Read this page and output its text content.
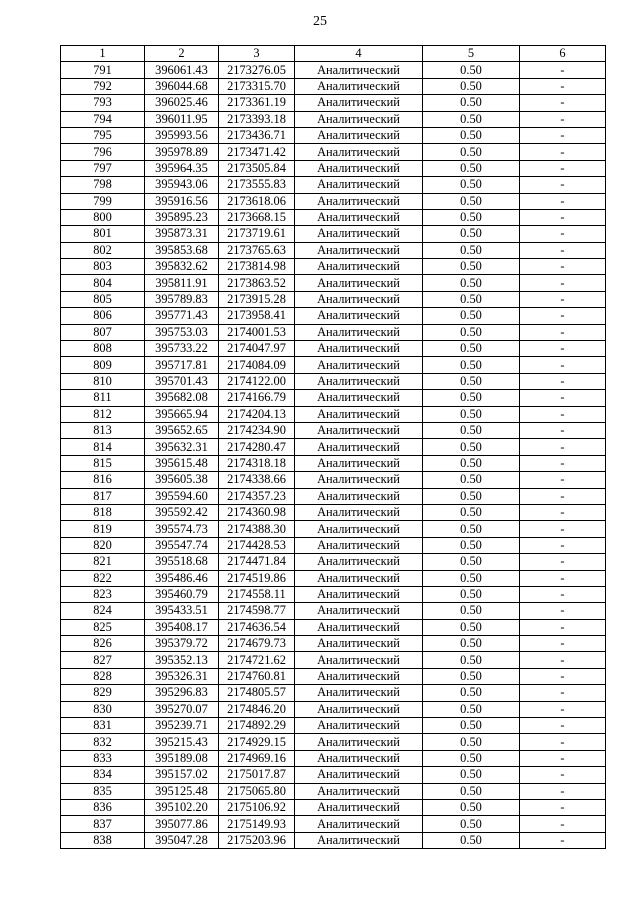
25
1	2	3	4	5	6
791	396061.43	2173276.05	Аналитический	0.50	-
792	396044.68	2173315.70	Аналитический	0.50	-
793	396025.46	2173361.19	Аналитический	0.50	-
794	396011.95	2173393.18	Аналитический	0.50	-
795	395993.56	2173436.71	Аналитический	0.50	-
796	395978.89	2173471.42	Аналитический	0.50	-
797	395964.35	2173505.84	Аналитический	0.50	-
798	395943.06	2173555.83	Аналитический	0.50	-
799	395916.56	2173618.06	Аналитический	0.50	-
800	395895.23	2173668.15	Аналитический	0.50	-
801	395873.31	2173719.61	Аналитический	0.50	-
802	395853.68	2173765.63	Аналитический	0.50	-
803	395832.62	2173814.98	Аналитический	0.50	-
804	395811.91	2173863.52	Аналитический	0.50	-
805	395789.83	2173915.28	Аналитический	0.50	-
806	395771.43	2173958.41	Аналитический	0.50	-
807	395753.03	2174001.53	Аналитический	0.50	-
808	395733.22	2174047.97	Аналитический	0.50	-
809	395717.81	2174084.09	Аналитический	0.50	-
810	395701.43	2174122.00	Аналитический	0.50	-
811	395682.08	2174166.79	Аналитический	0.50	-
812	395665.94	2174204.13	Аналитический	0.50	-
813	395652.65	2174234.90	Аналитический	0.50	-
814	395632.31	2174280.47	Аналитический	0.50	-
815	395615.48	2174318.18	Аналитический	0.50	-
816	395605.38	2174338.66	Аналитический	0.50	-
817	395594.60	2174357.23	Аналитический	0.50	-
818	395592.42	2174360.98	Аналитический	0.50	-
819	395574.73	2174388.30	Аналитический	0.50	-
820	395547.74	2174428.53	Аналитический	0.50	-
821	395518.68	2174471.84	Аналитический	0.50	-
822	395486.46	2174519.86	Аналитический	0.50	-
823	395460.79	2174558.11	Аналитический	0.50	-
824	395433.51	2174598.77	Аналитический	0.50	-
825	395408.17	2174636.54	Аналитический	0.50	-
826	395379.72	2174679.73	Аналитический	0.50	-
827	395352.13	2174721.62	Аналитический	0.50	-
828	395326.31	2174760.81	Аналитический	0.50	-
829	395296.83	2174805.57	Аналитический	0.50	-
830	395270.07	2174846.20	Аналитический	0.50	-
831	395239.71	2174892.29	Аналитический	0.50	-
832	395215.43	2174929.15	Аналитический	0.50	-
833	395189.08	2174969.16	Аналитический	0.50	-
834	395157.02	2175017.87	Аналитический	0.50	-
835	395125.48	2175065.80	Аналитический	0.50	-
836	395102.20	2175106.92	Аналитический	0.50	-
837	395077.86	2175149.93	Аналитический	0.50	-
838	395047.28	2175203.96	Аналитический	0.50	-
